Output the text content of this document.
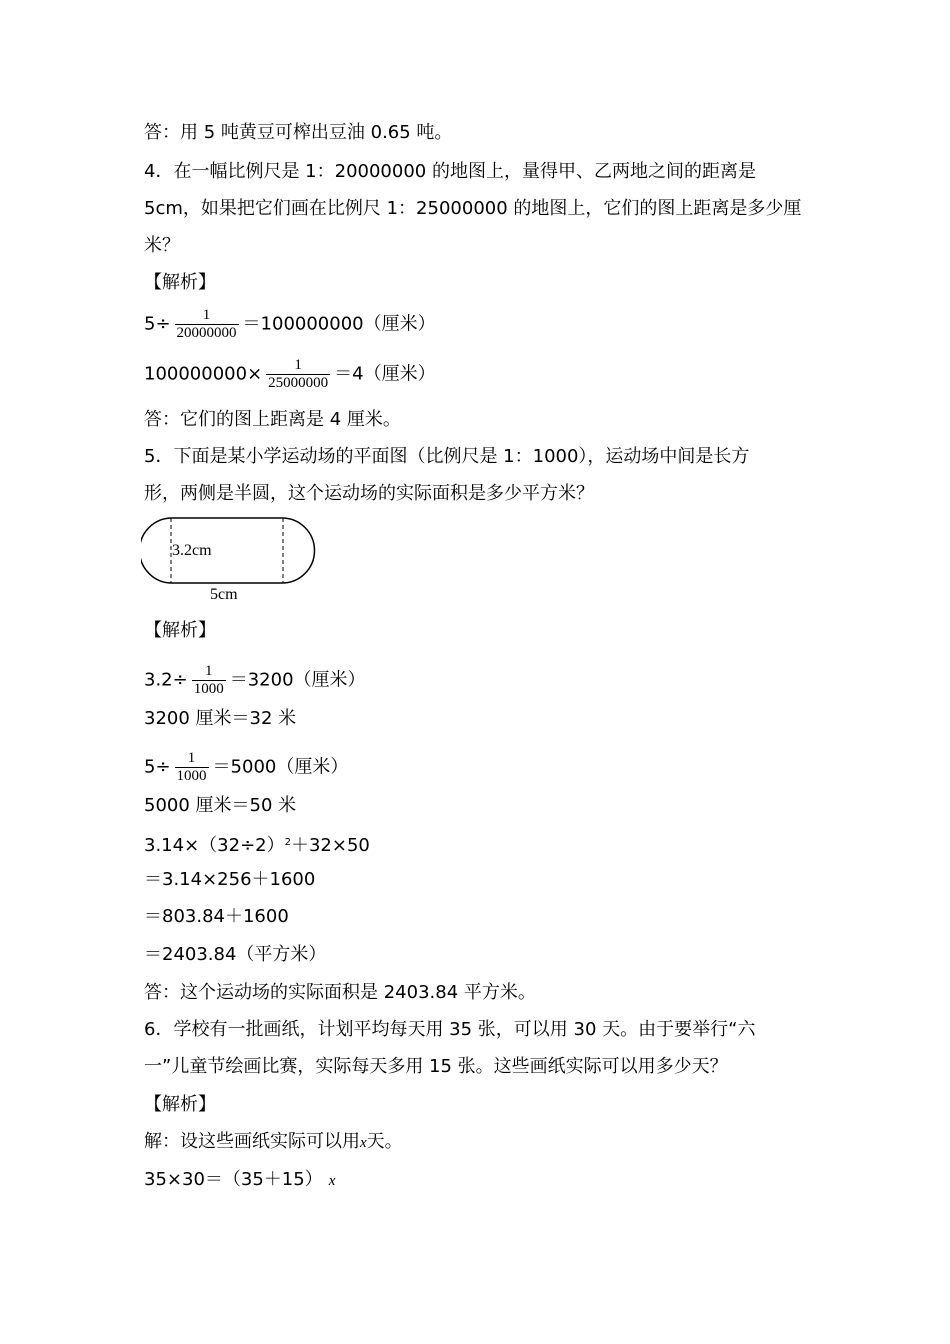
答：用 5 吨黄豆可榨出豆油 0.65 吨。
4．在一幅比例尺是 1：20000000 的地图上，量得甲、乙两地之间的距离是
5cm，如果把它们画在比例尺 1：25000000 的地图上，它们的图上距离是多少厘
米？
【解析】
$5\div \frac{1}{20000000} =100000000$（厘米）
$100000000\times \frac{1}{25000000} =4$（厘米）
答：它们的图上距离是 4 厘米。
5．下面是某小学运动场的平面图（比例尺是 1：1000），运动场中间是长方
形，两侧是半圆，这个运动场的实际面积是多少平方米？
3.2cm
5cm
【解析】
$3.2\div \frac{1}{1000} =3200$（厘米）
3200 厘米＝32 米
$5\div \frac{1}{1000} =5000$（厘米）
5000 厘米＝50 米
$3.14\times(32\div 2)^2+32\times 50$
＝3.14×256＋1600
＝803.84＋1600
＝2403.84（平方米）
答：这个运动场的实际面积是 2403.84 平方米。
6．学校有一批画纸，计划平均每天用 35 张，可以用 30 天。由于要举行“六
一”儿童节绘画比赛，实际每天多用 15 张。这些画纸实际可以用多少天？
【解析】
解：设这些画纸实际可以用x天。
35×30＝（35＋15） x
